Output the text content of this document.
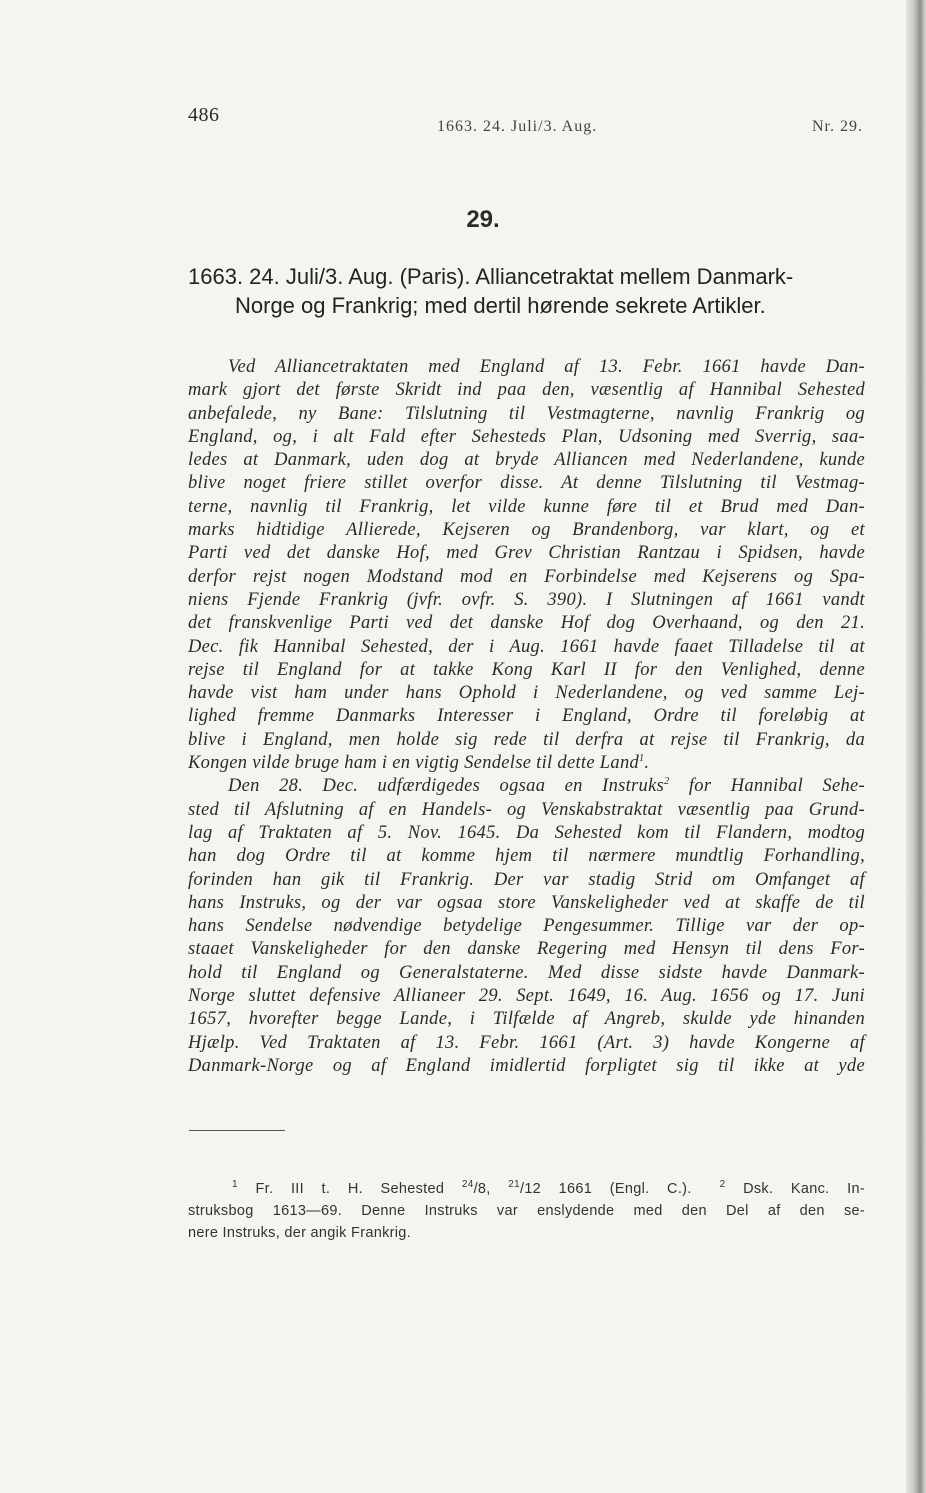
486
1663. 24. Juli/3. Aug.	Nr. 29.
29.
1663. 24. Juli/3. Aug. (Paris). Alliancetraktat mellem Danmark-
Norge og Frankrig; med dertil hørende sekrete Artikler.
Ved Alliancetraktaten med England af 13. Febr. 1661 havde Dan-
mark gjort det første Skridt ind paa den, væsentlig af Hannibal Sehested
anbefalede, ny Bane: Tilslutning til Vestmagterne, navnlig Frankrig og
England, og, i alt Fald efter Sehesteds Plan, Udsoning med Sverrig, saa-
ledes at Danmark, uden dog at bryde Alliancen med Nederlandene, kunde
blive noget friere stillet overfor disse. At denne Tilslutning til Vestmag-
terne, navnlig til Frankrig, let vilde kunne føre til et Brud med Dan-
marks hidtidige Allierede, Kejseren og Brandenborg, var klart, og et
Parti ved det danske Hof, med Grev Christian Rantzau i Spidsen, havde
derfor rejst nogen Modstand mod en Forbindelse med Kejserens og Spa-
niens Fjende Frankrig (jvfr. ovfr. S. 390). I Slutningen af 1661 vandt
det franskvenlige Parti ved det danske Hof dog Overhaand, og den 21.
Dec. fik Hannibal Sehested, der i Aug. 1661 havde faaet Tilladelse til at
rejse til England for at takke Kong Karl II for den Venlighed, denne
havde vist ham under hans Ophold i Nederlandene, og ved samme Lej-
lighed fremme Danmarks Interesser i England, Ordre til foreløbig at
blive i England, men holde sig rede til derfra at rejse til Frankrig, da
Kongen vilde bruge ham i en vigtig Sendelse til dette Land$^1$.
Den 28. Dec. udfærdigedes ogsaa en Instruks$^2$ for Hannibal Sehe-
sted til Afslutning af en Handels- og Venskabstraktat væsentlig paa Grund-
lag af Traktaten af 5. Nov. 1645. Da Sehested kom til Flandern, modtog
han dog Ordre til at komme hjem til nærmere mundtlig Forhandling,
forinden han gik til Frankrig. Der var stadig Strid om Omfanget af
hans Instruks, og der var ogsaa store Vanskeligheder ved at skaffe de til
hans Sendelse nødvendige betydelige Pengesummer. Tillige var der op-
staaet Vanskeligheder for den danske Regering med Hensyn til dens For-
hold til England og Generalstaterne. Med disse sidste havde Danmark-
Norge sluttet defensive Allianeer 29. Sept. 1649, 16. Aug. 1656 og 17. Juni
1657, hvorefter begge Lande, i Tilfælde af Angreb, skulde yde hinanden
Hjælp. Ved Traktaten af 13. Febr. 1661 (Art. 3) havde Kongerne af
Danmark-Norge og af England imidlertid forpligtet sig til ikke at yde
$^1$ Fr. III t. H. Sehested $^{24}$/8, $^{21}$/12 1661 (Engl. C.).	$^2$ Dsk. Kanc. In-
struksbog 1613—69. Denne Instruks var enslydende med den Del af den se-
nere Instruks, der angik Frankrig.
